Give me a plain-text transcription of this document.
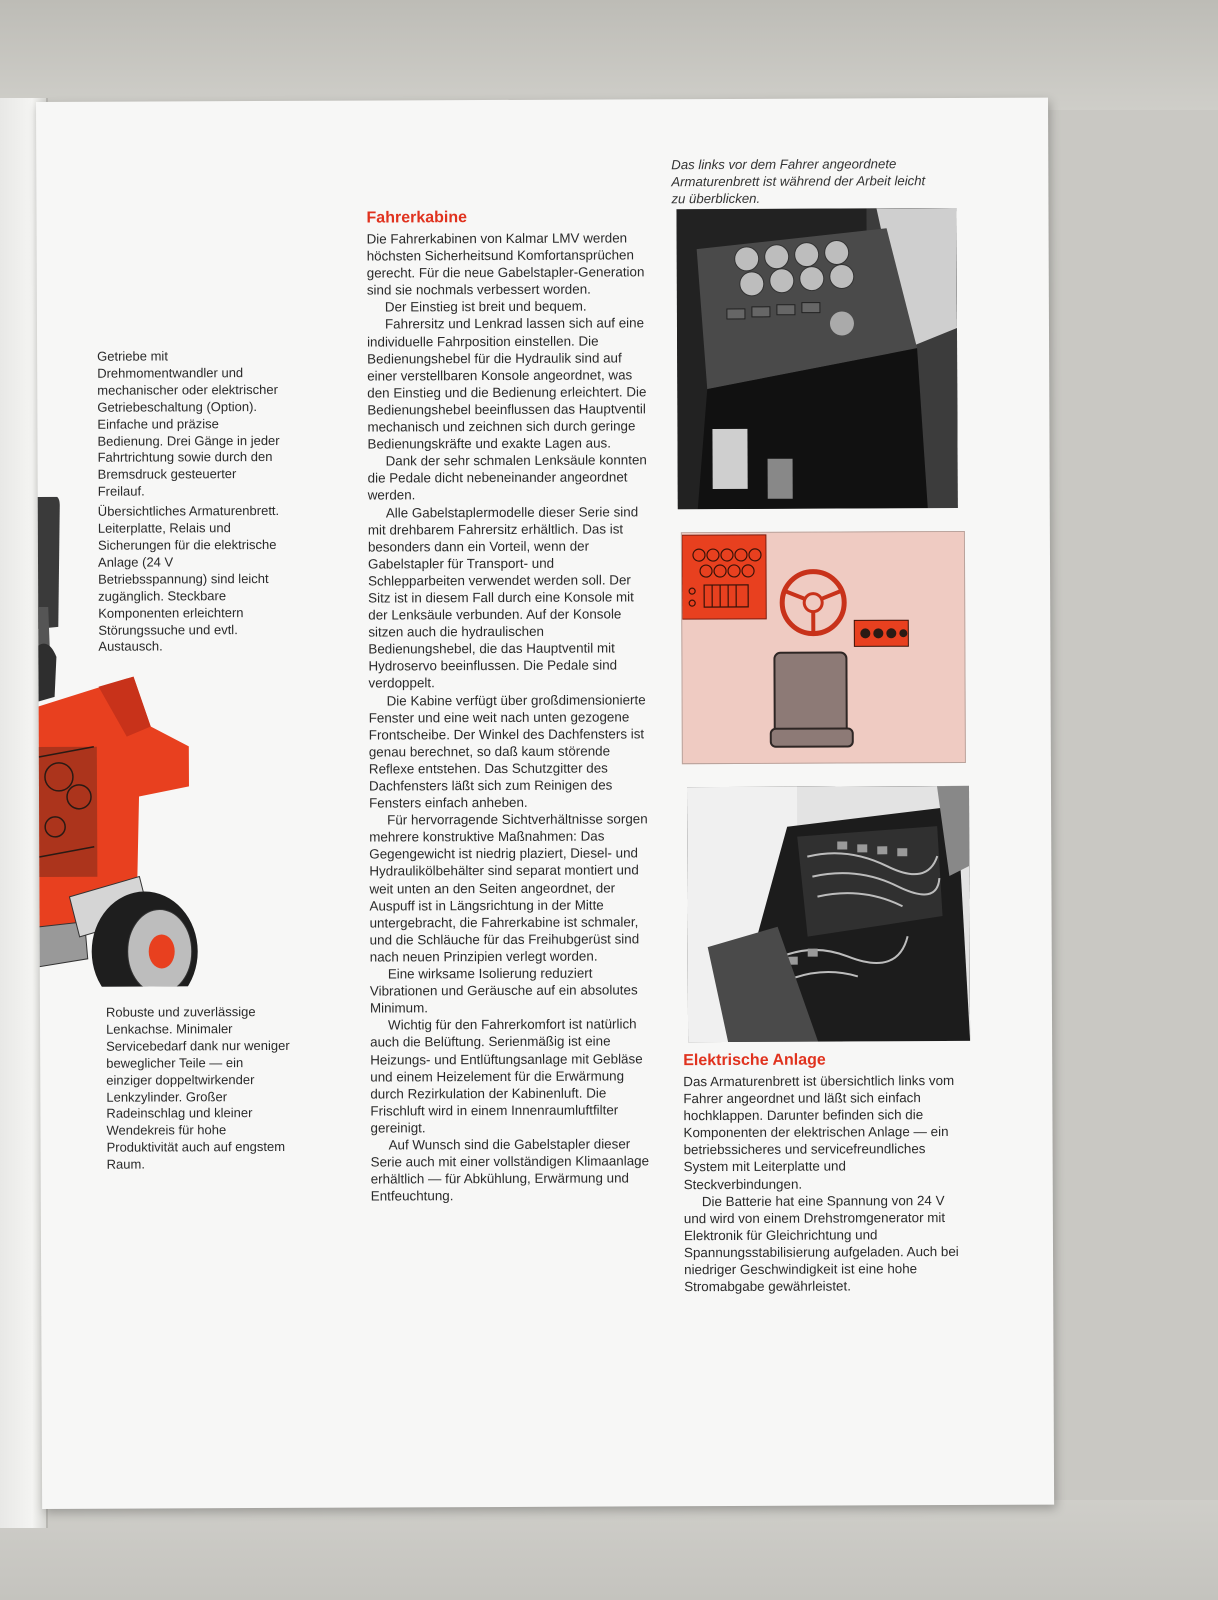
Getriebe mit Drehmomentwandler und mechanischer oder elektrischer Getriebeschaltung (Option). Einfache und präzise Bedienung. Drei Gänge in jeder Fahrtrichtung sowie durch den Bremsdruck gesteuerter Freilauf.

Übersichtliches Armaturenbrett. Leiterplatte, Relais und Sicherungen für die elektrische Anlage (24 V Betriebsspannung) sind leicht zugänglich. Steckbare Komponenten erleichtern Störungssuche und evtl. Austausch.

Robuste und zuverlässige Lenkachse. Minimaler Servicebedarf dank nur weniger beweglicher Teile — ein einziger doppeltwirkender Lenkzylinder. Großer Radeinschlag und kleiner Wendekreis für hohe Produktivität auch auf engstem Raum.

Fahrerkabine

Die Fahrerkabinen von Kalmar LMV werden höchsten Sicherheitsund Komfortansprüchen gerecht. Für die neue Gabelstapler-Generation sind sie nochmals verbessert worden.

Der Einstieg ist breit und bequem.

Fahrersitz und Lenkrad lassen sich auf eine individuelle Fahrposition einstellen. Die Bedienungshebel für die Hydraulik sind auf einer verstellbaren Konsole angeordnet, was den Einstieg und die Bedienung erleichtert. Die Bedienungshebel beeinflussen das Hauptventil mechanisch und zeichnen sich durch geringe Bedienungskräfte und exakte Lagen aus.

Dank der sehr schmalen Lenksäule konnten die Pedale dicht nebeneinander angeordnet werden.

Alle Gabelstaplermodelle dieser Serie sind mit drehbarem Fahrersitz erhältlich. Das ist besonders dann ein Vorteil, wenn der Gabelstapler für Transport- und Schlepparbeiten verwendet werden soll. Der Sitz ist in diesem Fall durch eine Konsole mit der Lenksäule verbunden. Auf der Konsole sitzen auch die hydraulischen Bedienungshebel, die das Hauptventil mit Hydroservo beeinflussen. Die Pedale sind verdoppelt.

Die Kabine verfügt über großdimensionierte Fenster und eine weit nach unten gezogene Frontscheibe. Der Winkel des Dachfensters ist genau berechnet, so daß kaum störende Reflexe entstehen. Das Schutzgitter des Dachfensters läßt sich zum Reinigen des Fensters einfach anheben.

Für hervorragende Sichtverhältnisse sorgen mehrere konstruktive Maßnahmen: Das Gegengewicht ist niedrig plaziert, Diesel- und Hydraulikölbehälter sind separat montiert und weit unten an den Seiten angeordnet, der Auspuff ist in Längsrichtung in der Mitte untergebracht, die Fahrerkabine ist schmaler, und die Schläuche für das Freihubgerüst sind nach neuen Prinzipien verlegt worden.

Eine wirksame Isolierung reduziert Vibrationen und Geräusche auf ein absolutes Minimum.

Wichtig für den Fahrerkomfort ist natürlich auch die Belüftung. Serienmäßig ist eine Heizungs- und Entlüftungsanlage mit Gebläse und einem Heizelement für die Erwärmung durch Rezirkulation der Kabinenluft. Die Frischluft wird in einem Innenraumluftfilter gereinigt.

Auf Wunsch sind die Gabelstapler dieser Serie auch mit einer vollständigen Klimaanlage erhältlich — für Abkühlung, Erwärmung und Entfeuchtung.

Das links vor dem Fahrer angeordnete Armaturenbrett ist während der Arbeit leicht zu überblicken.
Elektrische Anlage

Das Armaturenbrett ist übersichtlich links vom Fahrer angeordnet und läßt sich einfach hochklappen. Darunter befinden sich die Komponenten der elektrischen Anlage — ein betriebssicheres und servicefreundliches System mit Leiterplatte und Steckverbindungen.

Die Batterie hat eine Spannung von 24 V und wird von einem Drehstromgenerator mit Elektronik für Gleichrichtung und Spannungsstabilisierung aufgeladen. Auch bei niedriger Geschwindigkeit ist eine hohe Stromabgabe gewährleistet.
